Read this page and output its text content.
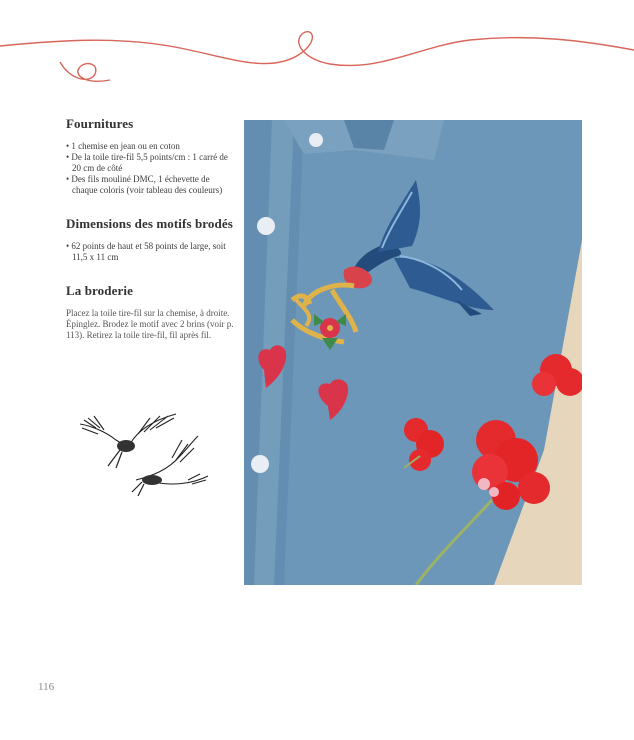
Fournitures
• 1 chemise en jean ou en coton
• De la toile tire-fil 5,5 points/cm : 1 carré de 20 cm de côté
• Des fils mouliné DMC, 1 échevette de chaque coloris (voir tableau des couleurs)
Dimensions des motifs brodés
• 62 points de haut et 58 points de large, soit 11,5 x 11 cm
La broderie

Placez la toile tire-fil sur la chemise, à droite. Épinglez. Brodez le motif avec 2 brins (voir p. 113). Retirez la toile tire-fil, fil après fil.

116
